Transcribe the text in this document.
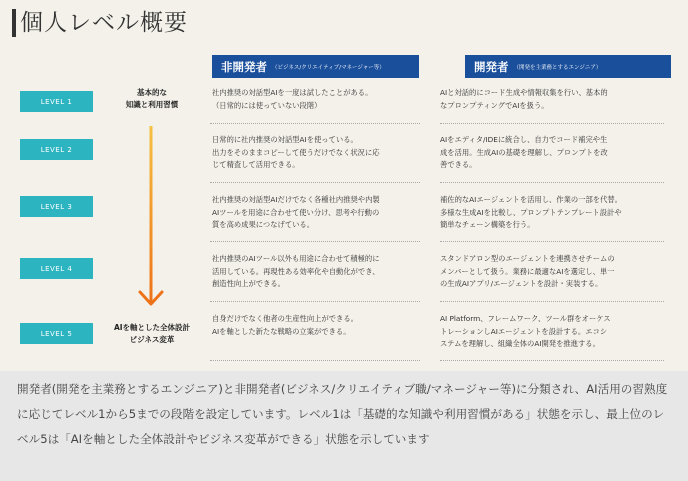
個人レベル概要
非開発者 （ビジネス/クリエイティブ/マネージャー等）	開発者 （開発を主業務とするエンジニア）
基本的な
知識と利用習慣
AIを軸とした全体設計
ビジネス変革
LEVEL 1
社内推奨の対話型AIを一度は試したことがある。
（日常的には使っていない段階）
AIと対話的にコード生成や情報収集を行い、基本的
なプロンプティングでAIを扱う。
LEVEL 2
日常的に社内推奨の対話型AIを使っている。
出力をそのままコピーして使うだけでなく状況に応
じて精査して活用できる。
AIをエディタ/IDEに統合し、自力でコード補完や生
成を活用。生成AIの基礎を理解し、プロンプトを改
善できる。
LEVEL 3
社内推奨の対話型AIだけでなく各種社内推奨や内製
AIツールを用途に合わせて使い分け、思考や行動の
質を高め成果につなげている。
補佐的なAIエージェントを活用し、作業の一部を代替。
多様な生成AIを比較し、プロンプトテンプレート設計や
簡単なチェーン構築を行う。
LEVEL 4
社内推奨のAIツール以外も用途に合わせて積極的に
活用している。再現性ある効率化や自動化ができ、
創造性向上ができる。
スタンドアロン型のエージェントを連携させチームの
メンバーとして扱う。業務に最適なAIを選定し、単一
の生成AIアプリ/エージェントを設計・実装する。
LEVEL 5
自身だけでなく他者の生産性向上ができる。
AIを軸とした新たな戦略の立案ができる。
AI Platform、フレームワーク、ツール群をオーケス
トレーションしAIエージェントを設計する。エコシ
ステムを理解し、組織全体のAI開発を推進する。
開発者(開発を主業務とするエンジニア)と非開発者(ビジネス/クリエイティブ職/マネージャー等)に分類され、AI活用の習熟度に応じてレベル1から5までの段階を設定しています。レベル1は「基礎的な知識や利用習慣がある」状態を示し、最上位のレベル5は「AIを軸とした全体設計やビジネス変革ができる」状態を示しています
